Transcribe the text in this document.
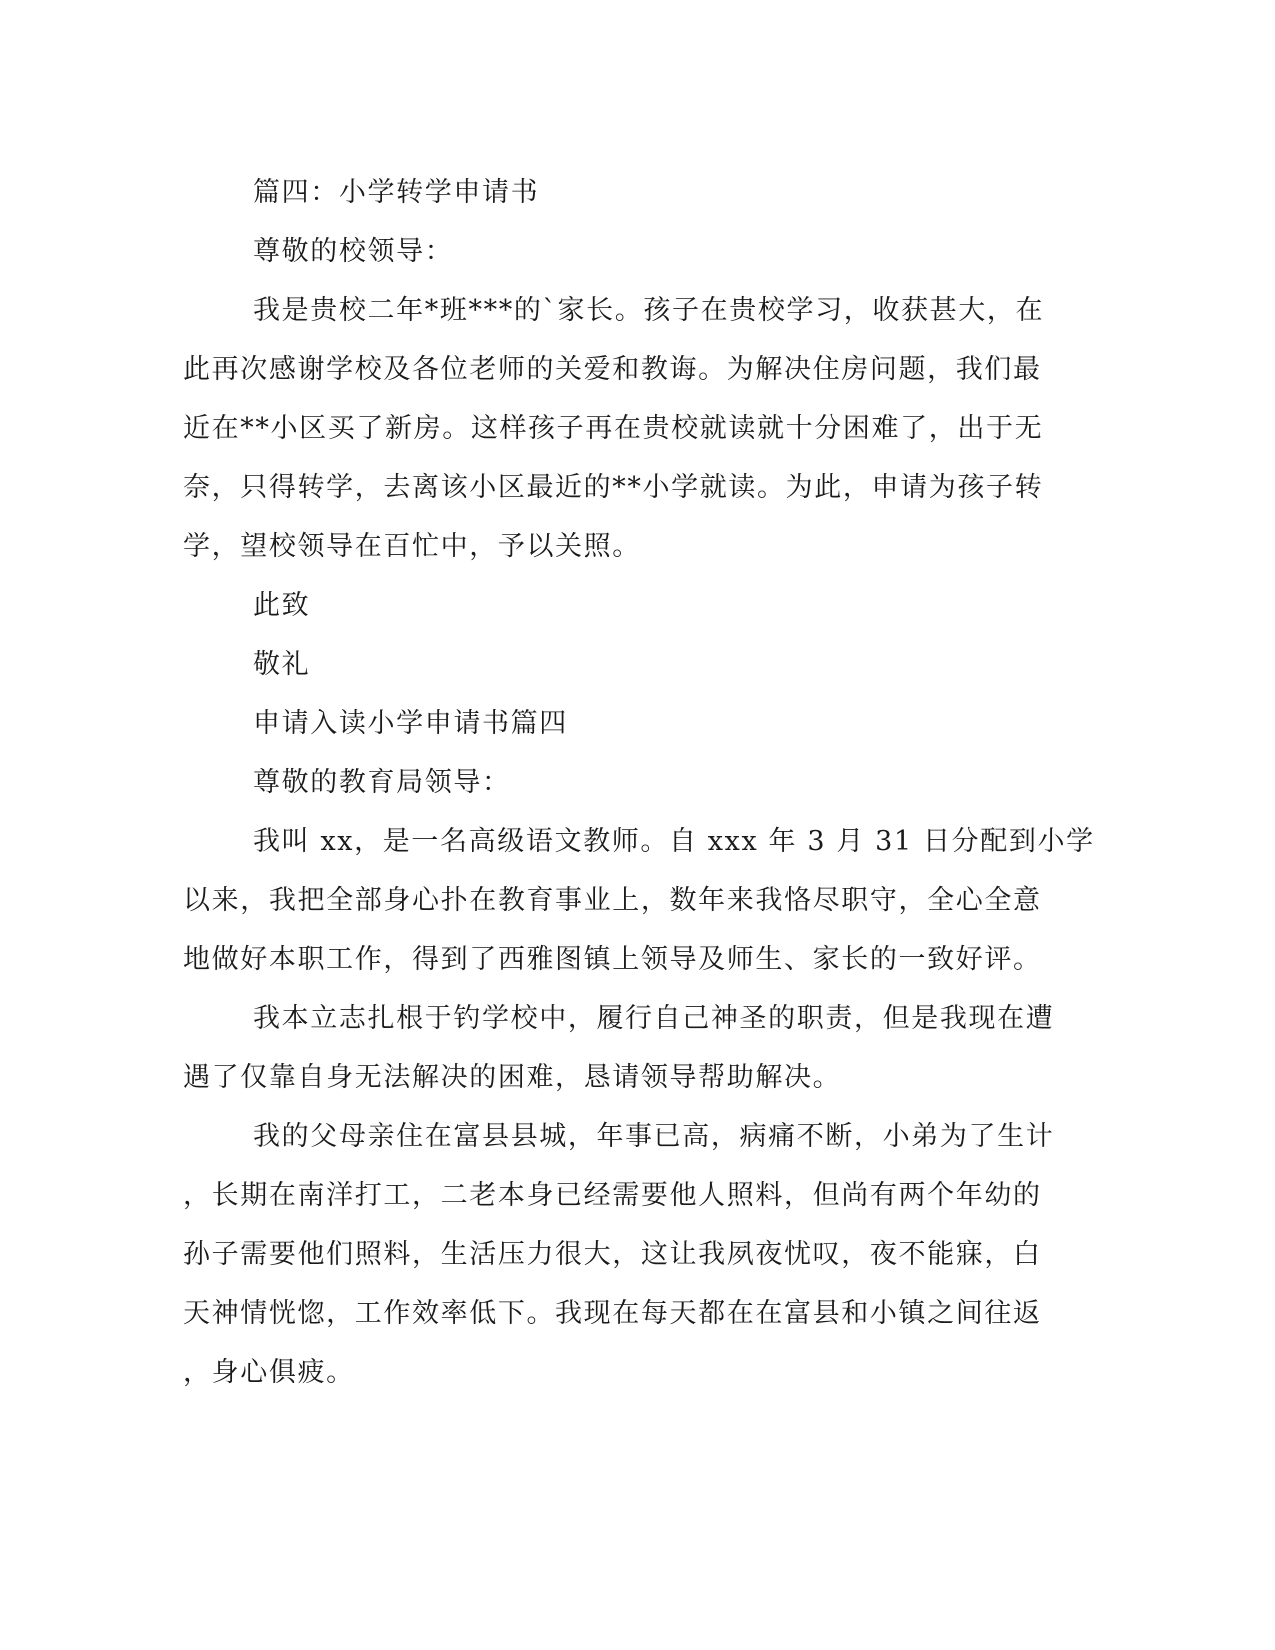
篇四：小学转学申请书

尊敬的校领导：

我是贵校二年*班***的`家长。孩子在贵校学习，收获甚大，在

此再次感谢学校及各位老师的关爱和教诲。为解决住房问题，我们最

近在**小区买了新房。这样孩子再在贵校就读就十分困难了，出于无

奈，只得转学，去离该小区最近的**小学就读。为此，申请为孩子转

学，望校领导在百忙中，予以关照。

此致

敬礼

申请入读小学申请书篇四

尊敬的教育局领导：

我叫 xx，是一名高级语文教师。自 xxx 年 3 月 31 日分配到小学

以来，我把全部身心扑在教育事业上，数年来我恪尽职守，全心全意

地做好本职工作，得到了西雅图镇上领导及师生、家长的一致好评。

我本立志扎根于钓学校中，履行自己神圣的职责，但是我现在遭

遇了仅靠自身无法解决的困难，恳请领导帮助解决。

我的父母亲住在富县县城，年事已高，病痛不断，小弟为了生计

，长期在南洋打工，二老本身已经需要他人照料，但尚有两个年幼的

孙子需要他们照料，生活压力很大，这让我夙夜忧叹，夜不能寐，白

天神情恍惚，工作效率低下。我现在每天都在在富县和小镇之间往返

，身心俱疲。
